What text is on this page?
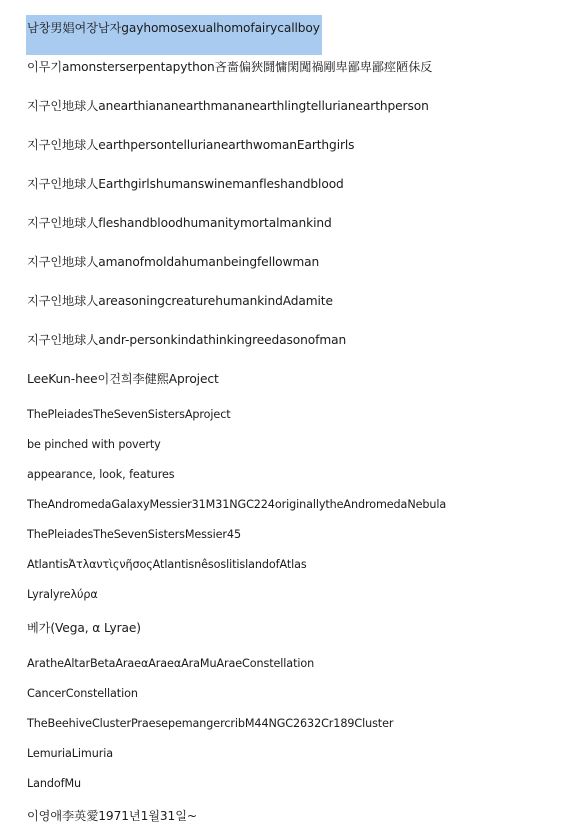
남창男娼여장남자gayhomosexualhomofairycallboy
이무기amonsterserpentapython吝嗇偏狹鬪慵閑闖禍剛卑鄙卑鄙痙陋佅反
지구인地球人anearthiananearthmananearthlingtellurianearthperson
지구인地球人earthpersontellurianearthwomanEarthgirls
지구인地球人Earthgirlshumanswinemanfleshandblood
지구인地球人fleshandbloodhumanitymortalmankind
지구인地球人amanofmoldahumanbeingfellowman
지구인地球人areasoningcreaturehumankindAdamite
지구인地球人andr-personkindathinkingreedasonofman
LeeKun-hee이건희李健熙Aproject
ThePleiadesTheSevenSistersAproject
be pinched with poverty
appearance, look, features
TheAndromedaGalaxyMessier31M31NGC224originallytheAndromedaNebula
ThePleiadesTheSevenSistersMessier45
AtlantisἈτλαντὶςνῆσοςAtlantisnêsoslitislandofAtlas
Lyralyreλύρα
베가(Vega, α Lyrae)
AratheAltarBetaAraeαAraeαAraMuAraeConstellation
CancerConstellation
TheBeehiveClusterPraesepemangercribM44NGC2632Cr189Cluster
LemuriaLimuria
LandofMu
이영애李英愛1971년1월31일~
